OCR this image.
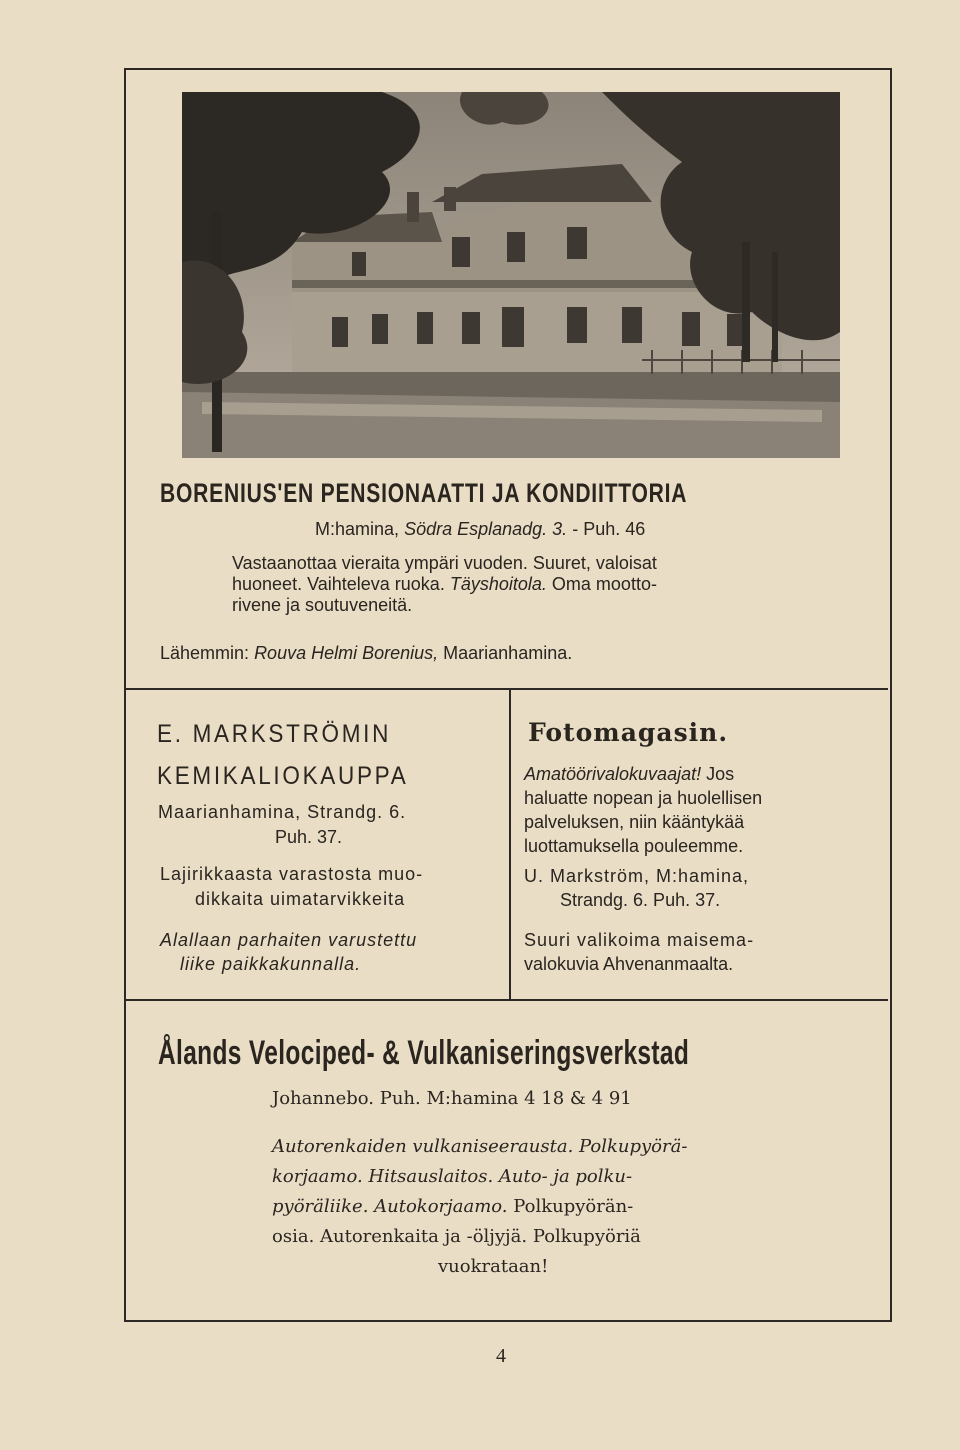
BORENIUS'EN PENSIONAATTI JA KONDIITTORIA
M:hamina, Södra Esplanadg. 3. - Puh. 46
Vastaanottaa vieraita ympäri vuoden. Suuret, valoisat
huoneet. Vaihteleva ruoka. Täyshoitola. Oma mootto-
rivene ja soutuveneitä.
Lähemmin: Rouva Helmi Borenius, Maarianhamina.
E. MARKSTRÖMIN
KEMIKALIOKAUPPA
Maarianhamina, Strandg. 6.
Puh. 37.
Lajirikkaasta varastosta muo-
dikkaita uimatarvikkeita
Alallaan parhaiten varustettu
liike paikkakunnalla.
Fotomagasin.
Amatöörivalokuvaajat! Jos
haluatte nopean ja huolellisen
palveluksen, niin kääntykää
luottamuksella pouleemme.
U. Markström, M:hamina,
Strandg. 6. Puh. 37.
Suuri valikoima maisema-
valokuvia Ahvenanmaalta.
Ålands Velociped- & Vulkaniseringsverkstad
Johannebo. Puh. M:hamina 4 18 & 4 91
Autorenkaiden vulkaniseerausta. Polkupyörä-
korjaamo. Hitsauslaitos. Auto- ja polku-
pyöräliike. Autokorjaamo. Polkupyörän-
osia. Autorenkaita ja -öljyjä. Polkupyöriä
vuokrataan!
4
